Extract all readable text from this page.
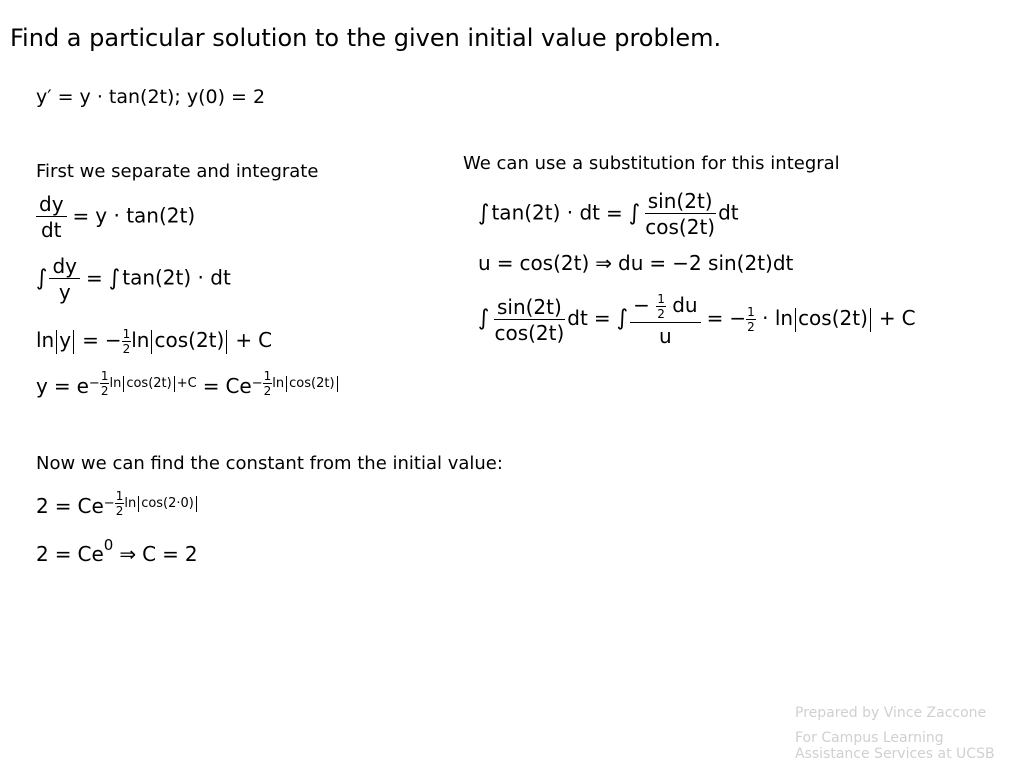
Find a particular solution to the given initial value problem.
y′ = y · tan(2t); y(0) = 2
First we separate and integrate
$\frac{dy}{dt} = y \cdot \tan(2t)$
∫ $\frac{dy}{y}$ = ∫ tan(2t) · dt
ln y = − $\frac{1}{2}$ ln cos(2t) + C
$y = e^{- \frac{1}{2} ln cos(2t) +C} = Ce^{- \frac{1}{2} ln cos(2t)}$
Now we can find the constant from the initial value:
$2 = Ce^{- \frac{1}{2} ln cos(2\cdot 0)}$
$2 = Ce^0$ ⇒ C = 2
We can use a substitution for this integral
∫ tan(2t) · dt = ∫ $\frac{\sin(2t)}{\cos(2t)}$ dt
u = cos(2t) ⇒ du = −2 sin(2t)dt
∫ $\frac{\sin(2t)}{\cos(2t)}$ dt = ∫ $\frac{- \frac{1}{2} du}{u}$ = − $\frac{1}{2} \cdot \ln \cos(2t) + C$
Prepared by Vince Zaccone
For Campus Learning
Assistance Services at UCSB
